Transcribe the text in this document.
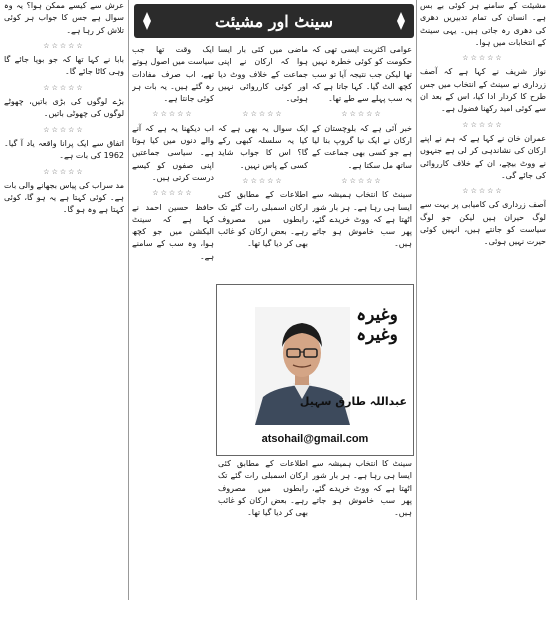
مشیئت کے سامنے ہر کوئی بے بس ہے۔ انسان کی تمام تدبیریں دھری کی دھری رہ جاتی ہیں۔ یہی سینٹ کے انتخابات میں ہوا۔

☆☆☆☆☆

نواز شریف نے کہا ہے کہ آصف زرداری نے سینٹ کے انتخاب میں جس طرح کا کردار ادا کیا، اس کے بعد ان سے کوئی امید رکھنا فضول ہے۔

☆☆☆☆☆

عمران خان نے کہا ہے کہ ہم نے اپنے ارکان کی نشاندہی کر لی ہے جنہوں نے ووٹ بیچے، ان کے خلاف کارروائی کی جائے گی۔

☆☆☆☆☆

آصف زرداری کی کامیابی پر بہت سے لوگ حیران ہیں لیکن جو لوگ سیاست کو جانتے ہیں، انہیں کوئی حیرت نہیں ہوئی۔

عوامی اکثریت ایسی تھی کہ حکومت کو کوئی خطرہ نہیں تھا لیکن جب نتیجہ آیا تو سب کچھ الٹ گیا۔ کہا جاتا ہے کہ یہ سب پہلے سے طے تھا۔

☆☆☆☆☆

خبر آئی ہے کہ بلوچستان کے ارکان نے ایک نیا گروپ بنا لیا ہے جو کسی بھی جماعت کے ساتھ مل سکتا ہے۔

☆☆☆☆☆

سینٹ کا انتخاب ہمیشہ سے ایسا ہی رہا ہے۔ ہر بار شور اٹھتا ہے کہ ووٹ خریدے گئے، پھر سب خاموش ہو جاتے ہیں۔

ماضی میں کئی بار ایسا ہوا کہ ارکان نے اپنی جماعت کے خلاف ووٹ دیا اور کوئی کارروائی نہیں ہوئی۔

☆☆☆☆☆

ایک سوال یہ بھی ہے کہ کیا یہ سلسلہ کبھی رکے گا؟ اس کا جواب شاید کسی کے پاس نہیں۔

☆☆☆☆☆

اطلاعات کے مطابق کئی ارکان اسمبلی رات گئے تک رابطوں میں مصروف رہے۔ بعض ارکان کو غائب بھی کر دیا گیا تھا۔

ایک وقت تھا جب سیاست میں اصول ہوتے تھے، اب صرف مفادات رہ گئے ہیں۔ یہ بات ہر کوئی جانتا ہے۔

☆☆☆☆☆

اب دیکھنا یہ ہے کہ آنے والے دنوں میں کیا ہوتا ہے۔ سیاسی جماعتیں اپنی صفوں کو کیسے درست کرتی ہیں۔

☆☆☆☆☆

حافظ حسین احمد نے کہا ہے کہ سینٹ الیکشن میں جو کچھ ہوا، وہ سب کے سامنے ہے۔

عرش سے کیسے ممکن ہوا؟ یہ وہ سوال ہے جس کا جواب ہر کوئی تلاش کر رہا ہے۔

☆☆☆☆☆

بابا نے کہا تھا کہ جو بویا جائے گا وہی کاٹا جائے گا۔

☆☆☆☆☆

بڑے لوگوں کی بڑی باتیں، چھوٹے لوگوں کی چھوٹی باتیں۔

☆☆☆☆☆

اتفاق سے ایک پرانا واقعہ یاد آ گیا۔ 1962 کی بات ہے۔

☆☆☆☆☆

مد سراب کی پیاس بجھانے والی بات ہے۔ کوئی کہتا ہے یہ ہو گا، کوئی کہتا ہے وہ ہو گا۔

سینٹ اور مشیئت
وغیرہ
وغیرہ
عبداللہ طارق سہیل
atsohail@gmail.com

سینٹ کا انتخاب ہمیشہ سے ایسا ہی رہا ہے۔ ہر بار شور اٹھتا ہے کہ ووٹ خریدے گئے، پھر سب خاموش ہو جاتے ہیں۔

اطلاعات کے مطابق کئی ارکان اسمبلی رات گئے تک رابطوں میں مصروف رہے۔ بعض ارکان کو غائب بھی کر دیا گیا تھا۔
